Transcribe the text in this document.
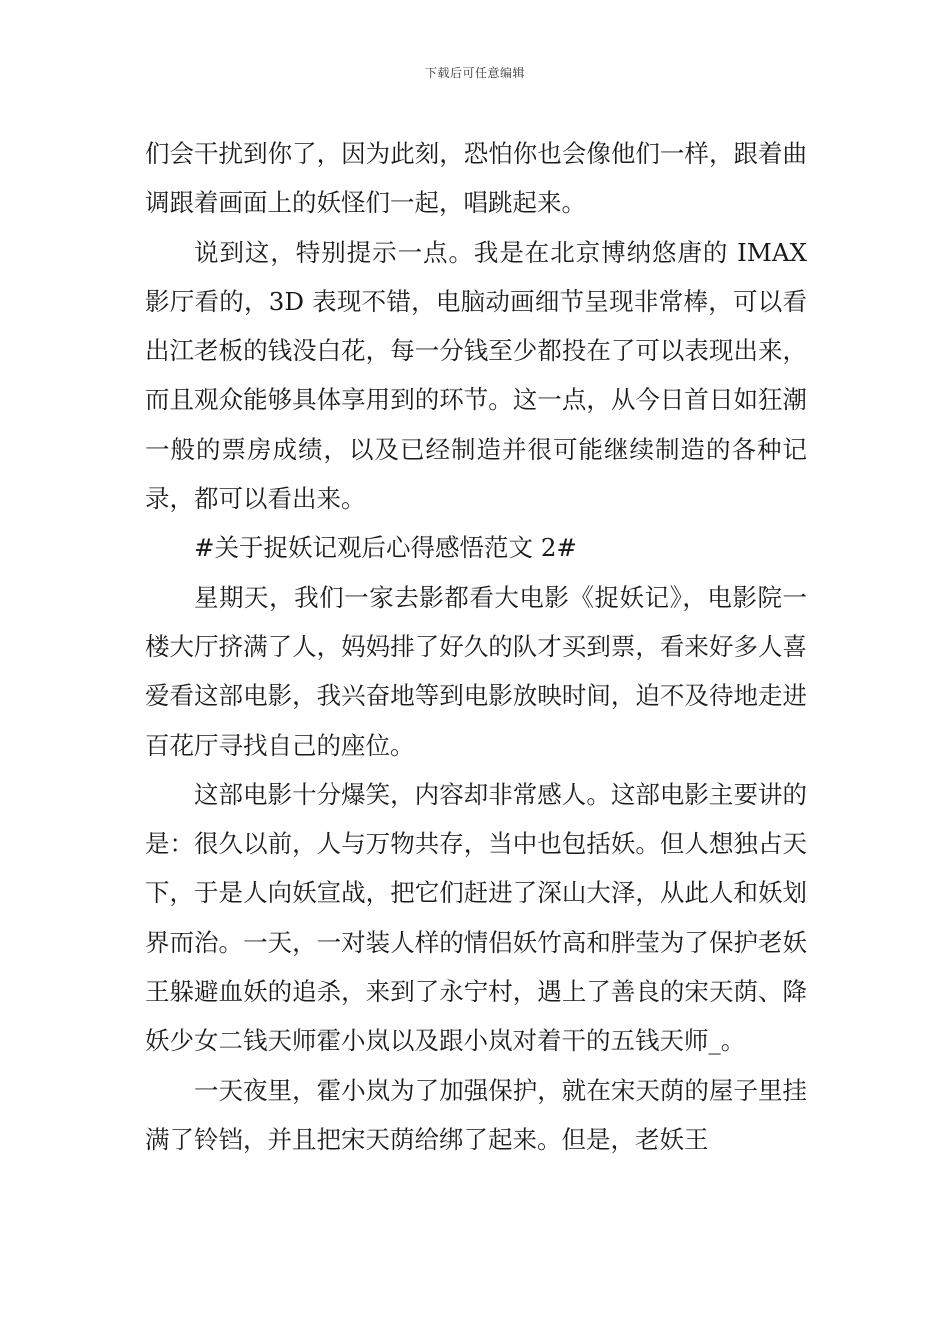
下载后可任意编辑

们会干扰到你了，因为此刻，恐怕你也会像他们一样，跟着曲调跟着画面上的妖怪们一起，唱跳起来。

说到这，特别提示一点。我是在北京博纳悠唐的 IMAX 影厅看的，3D 表现不错，电脑动画细节呈现非常棒，可以看出江老板的钱没白花，每一分钱至少都投在了可以表现出来，而且观众能够具体享用到的环节。这一点，从今日首日如狂潮一般的票房成绩，以及已经制造并很可能继续制造的各种记录，都可以看出来。

#关于捉妖记观后心得感悟范文 2#

星期天，我们一家去影都看大电影《捉妖记》，电影院一楼大厅挤满了人，妈妈排了好久的队才买到票，看来好多人喜爱看这部电影，我兴奋地等到电影放映时间，迫不及待地走进百花厅寻找自己的座位。

这部电影十分爆笑，内容却非常感人。这部电影主要讲的是：很久以前，人与万物共存，当中也包括妖。但人想独占天下，于是人向妖宣战，把它们赶进了深山大泽，从此人和妖划界而治。一天，一对装人样的情侣妖竹高和胖莹为了保护老妖王躲避血妖的追杀，来到了永宁村，遇上了善良的宋天荫、降妖少女二钱天师霍小岚以及跟小岚对着干的五钱天师_。

一天夜里，霍小岚为了加强保护，就在宋天荫的屋子里挂满了铃铛，并且把宋天荫给绑了起来。但是，老妖王
